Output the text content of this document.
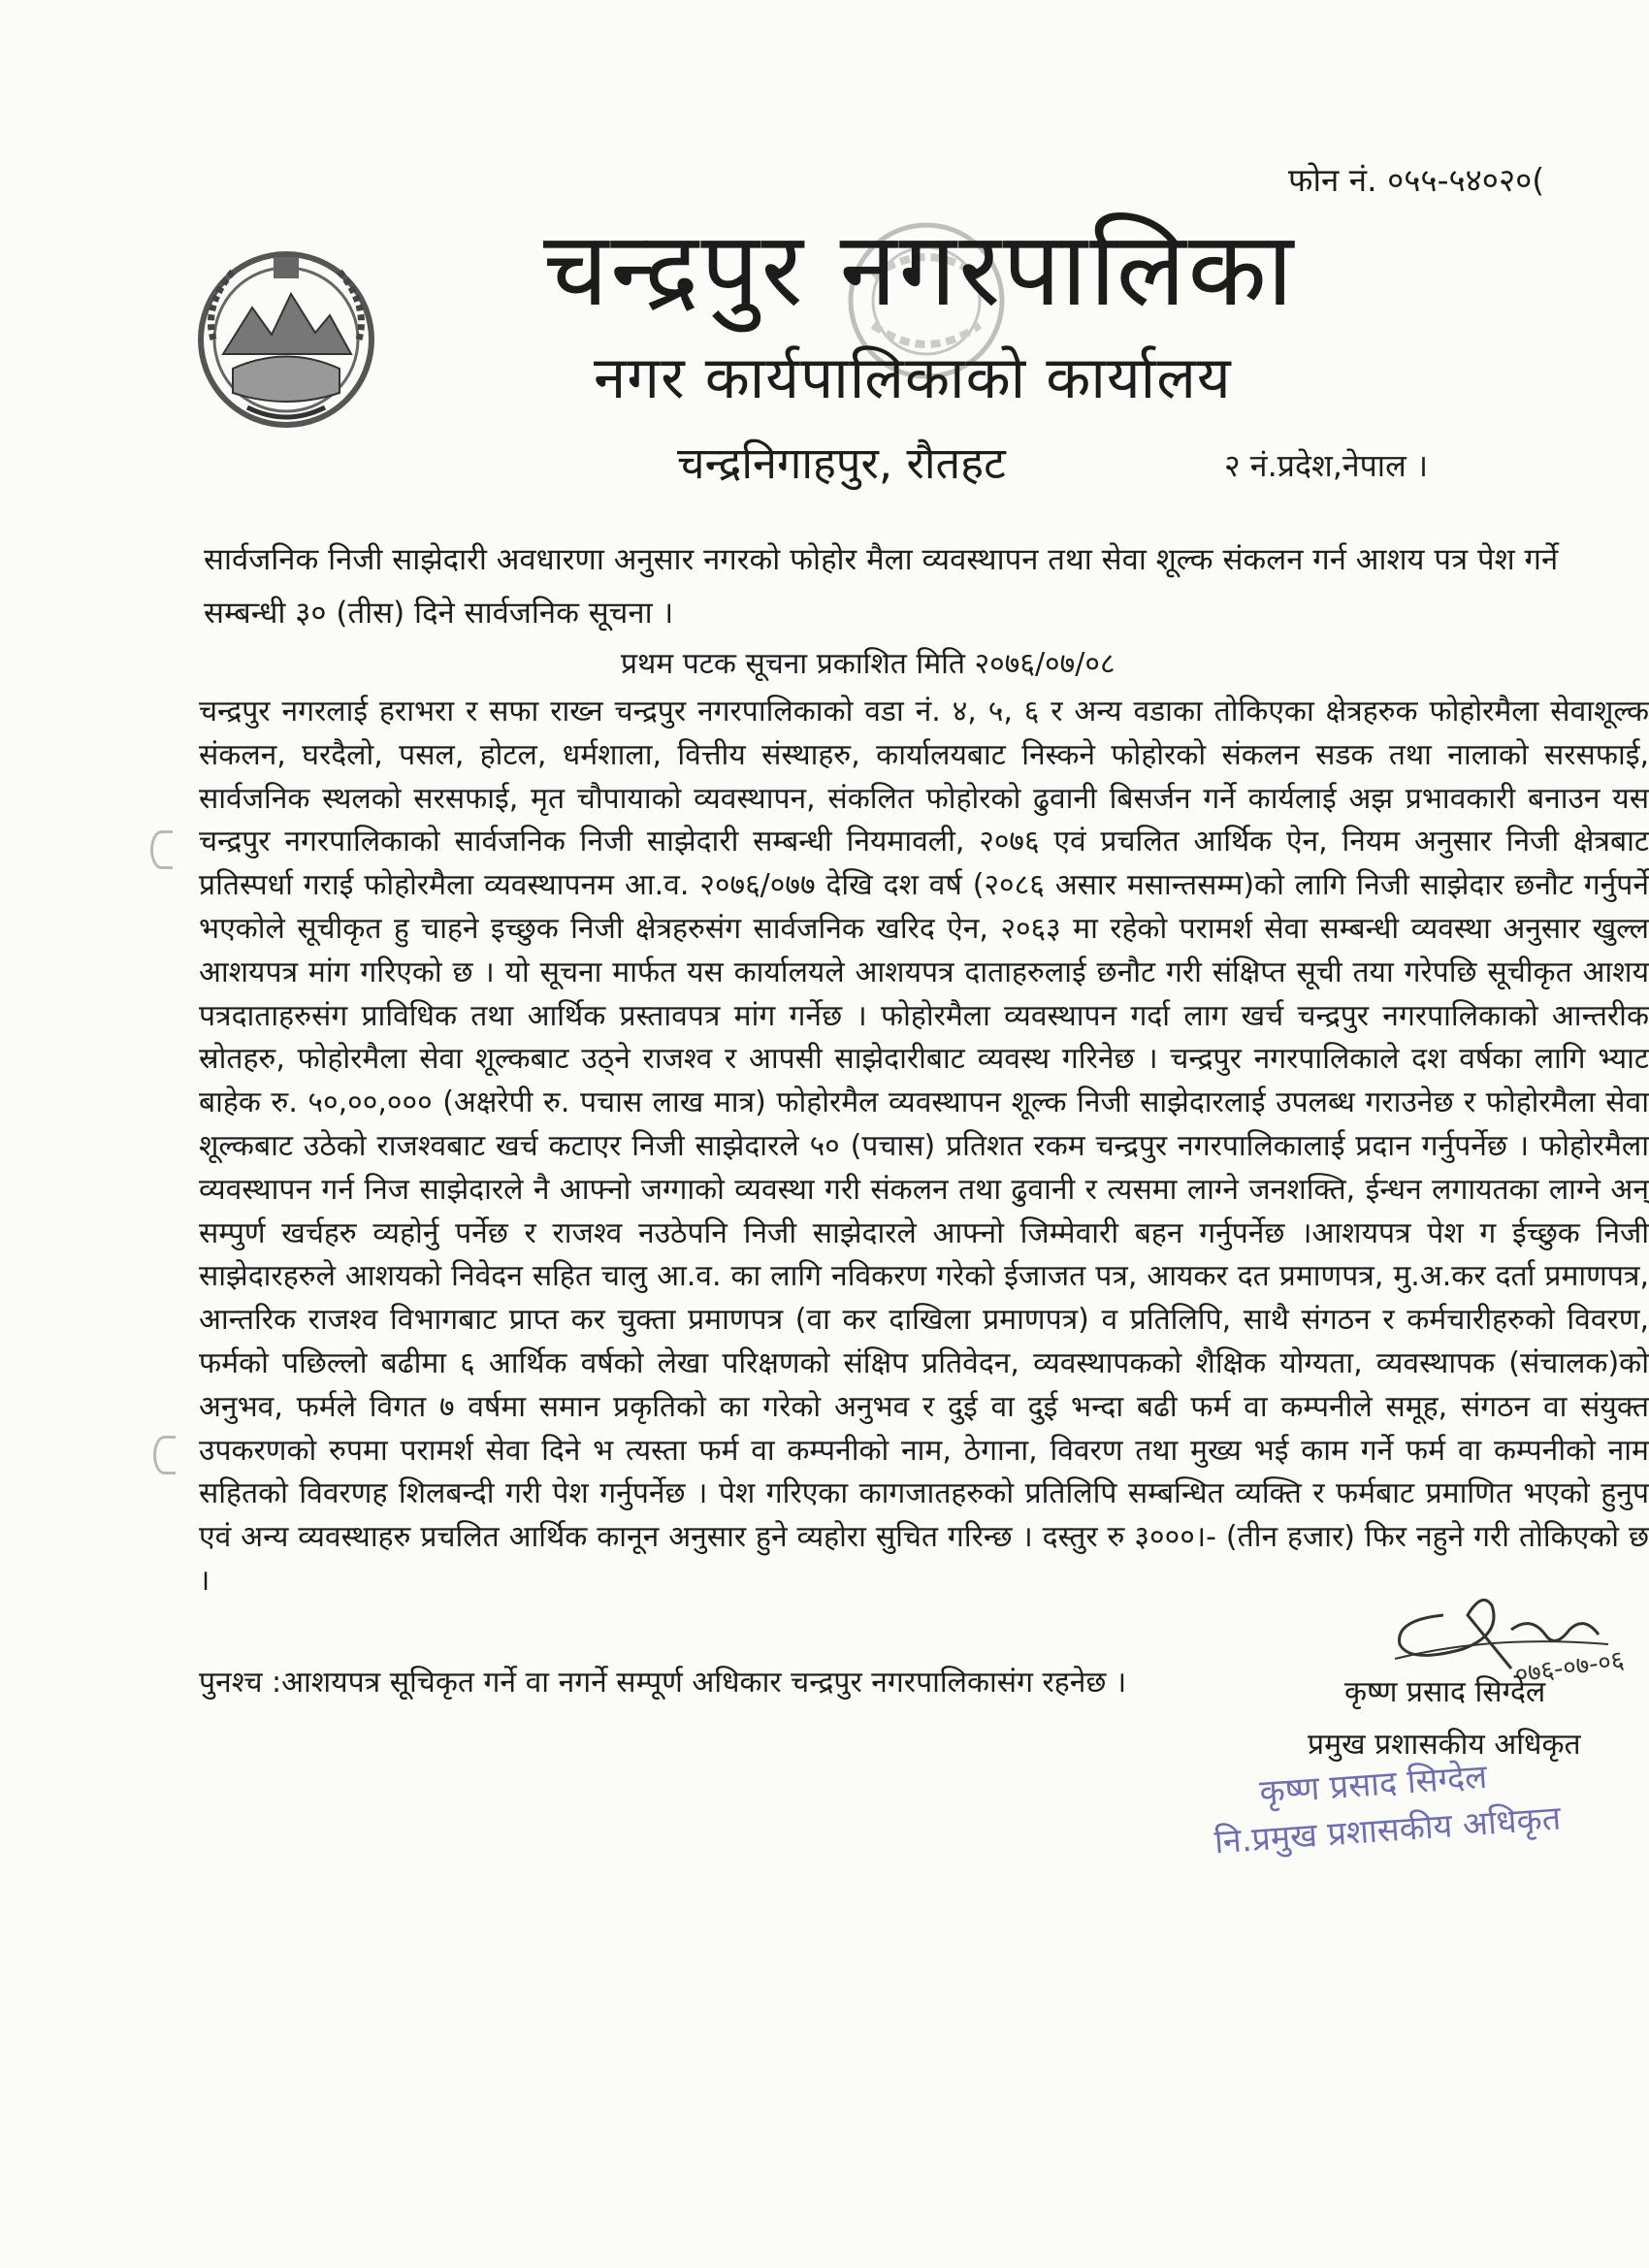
फोन नं. ०५५-५४०२०(
चन्द्रपुर नगरपालिका
नगर कार्यपालिकाको कार्यालय
चन्द्रनिगाहपुर, रौतहट	२ नं.प्रदेश,नेपाल ।
सार्वजनिक निजी साझेदारी अवधारणा अनुसार नगरको फोहोर मैला व्यवस्थापन तथा सेवा शूल्क संकलन गर्न आशय पत्र पेश गर्ने सम्बन्धी ३० (तीस) दिने सार्वजनिक सूचना ।
प्रथम पटक सूचना प्रकाशित मिति २०७६/०७/०८
चन्द्रपुर नगरलाई हराभरा र सफा राख्न चन्द्रपुर नगरपालिकाको वडा नं. ४, ५, ६ र अन्य वडाका तोकिएका क्षेत्रहरुक फोहोरमैला सेवाशूल्क संकलन, घरदैलो, पसल, होटल, धर्मशाला, वित्तीय संस्थाहरु, कार्यालयबाट निस्कने फोहोरको संकलन सडक तथा नालाको सरसफाई, सार्वजनिक स्थलको सरसफाई, मृत चौपायाको व्यवस्थापन, संकलित फोहोरको ढुवानी बिसर्जन गर्ने कार्यलाई अझ प्रभावकारी बनाउन यस चन्द्रपुर नगरपालिकाको सार्वजनिक निजी साझेदारी सम्बन्धी नियमावली, २०७६ एवं प्रचलित आर्थिक ऐन, नियम अनुसार निजी क्षेत्रबाट प्रतिस्पर्धा गराई फोहोरमैला व्यवस्थापनम आ.व. २०७६/०७७ देखि दश वर्ष (२०८६ असार मसान्तसम्म)को लागि निजी साझेदार छनौट गर्नुपर्ने भएकोले सूचीकृत हु चाहने इच्छुक निजी क्षेत्रहरुसंग सार्वजनिक खरिद ऐन, २०६३ मा रहेको परामर्श सेवा सम्बन्धी व्यवस्था अनुसार खुल्ल आशयपत्र मांग गरिएको छ । यो सूचना मार्फत यस कार्यालयले आशयपत्र दाताहरुलाई छनौट गरी संक्षिप्त सूची तया गरेपछि सूचीकृत आशय पत्रदाताहरुसंग प्राविधिक तथा आर्थिक प्रस्तावपत्र मांग गर्नेछ । फोहोरमैला व्यवस्थापन गर्दा लाग खर्च चन्द्रपुर नगरपालिकाको आन्तरीक स्रोतहरु, फोहोरमैला सेवा शूल्कबाट उठ्ने राजश्व र आपसी साझेदारीबाट व्यवस्थ गरिनेछ । चन्द्रपुर नगरपालिकाले दश वर्षका लागि भ्याट बाहेक रु. ५०,००,००० (अक्षरेपी रु. पचास लाख मात्र) फोहोरमैल व्यवस्थापन शूल्क निजी साझेदारलाई उपलब्ध गराउनेछ र फोहोरमैला सेवा शूल्कबाट उठेको राजश्वबाट खर्च कटाएर निजी साझेदारले ५० (पचास) प्रतिशत रकम चन्द्रपुर नगरपालिकालाई प्रदान गर्नुपर्नेछ । फोहोरमैला व्यवस्थापन गर्न निज साझेदारले नै आफ्नो जग्गाको व्यवस्था गरी संकलन तथा ढुवानी र त्यसमा लाग्ने जनशक्ति, ईन्धन लगायतका लाग्ने अन् सम्पुर्ण खर्चहरु व्यहोर्नु पर्नेछ र राजश्व नउठेपनि निजी साझेदारले आफ्नो जिम्मेवारी बहन गर्नुपर्नेछ ।आशयपत्र पेश ग ईच्छुक निजी साझेदारहरुले आशयको निवेदन सहित चालु आ.व. का लागि नविकरण गरेको ईजाजत पत्र, आयकर दत प्रमाणपत्र, मु.अ.कर दर्ता प्रमाणपत्र, आन्तरिक राजश्व विभागबाट प्राप्त कर चुक्ता प्रमाणपत्र (वा कर दाखिला प्रमाणपत्र) व प्रतिलिपि, साथै संगठन र कर्मचारीहरुको विवरण, फर्मको पछिल्लो बढीमा ६ आर्थिक वर्षको लेखा परिक्षणको संक्षिप प्रतिवेदन, व्यवस्थापकको शैक्षिक योग्यता, व्यवस्थापक (संचालक)को अनुभव, फर्मले विगत ७ वर्षमा समान प्रकृतिको का गरेको अनुभव र दुई वा दुई भन्दा बढी फर्म वा कम्पनीले समूह, संगठन वा संयुक्त उपकरणको रुपमा परामर्श सेवा दिने भ त्यस्ता फर्म वा कम्पनीको नाम, ठेगाना, विवरण तथा मुख्य भई काम गर्ने फर्म वा कम्पनीको नाम सहितको विवरणह शिलबन्दी गरी पेश गर्नुपर्नेछ । पेश गरिएका कागजातहरुको प्रतिलिपि सम्बन्धित व्यक्ति र फर्मबाट प्रमाणित भएको हुनुप एवं अन्य व्यवस्थाहरु प्रचलित आर्थिक कानून अनुसार हुने व्यहोरा सुचित गरिन्छ । दस्तुर रु ३०००।- (तीन हजार) फिर नहुने गरी तोकिएको छ ।
पुनश्च :आशयपत्र सूचिकृत गर्ने वा नगर्ने सम्पूर्ण अधिकार चन्द्रपुर नगरपालिकासंग रहनेछ ।	०७६-०७-०६
कृष्ण प्रसाद सिग्देल
प्रमुख प्रशासकीय अधिकृत
कृष्ण प्रसाद सिग्देल
नि.प्रमुख प्रशासकीय अधिकृत
